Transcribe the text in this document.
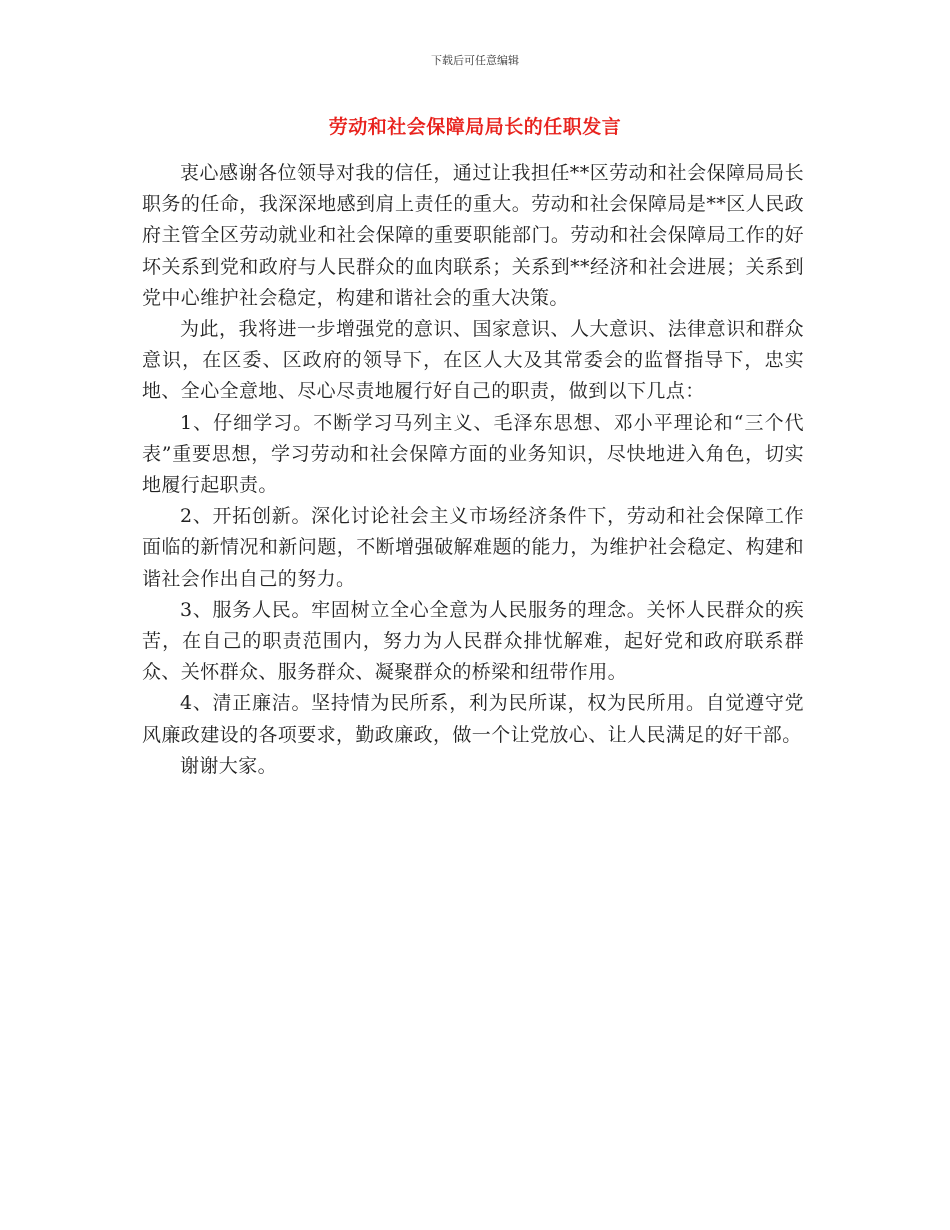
下载后可任意编辑
劳动和社会保障局局长的任职发言

衷心感谢各位领导对我的信任，通过让我担任**区劳动和社会保障局局长职务的任命，我深深地感到肩上责任的重大。劳动和社会保障局是**区人民政府主管全区劳动就业和社会保障的重要职能部门。劳动和社会保障局工作的好坏关系到党和政府与人民群众的血肉联系；关系到**经济和社会进展；关系到党中心维护社会稳定，构建和谐社会的重大决策。

为此，我将进一步增强党的意识、国家意识、人大意识、法律意识和群众意识，在区委、区政府的领导下，在区人大及其常委会的监督指导下，忠实地、全心全意地、尽心尽责地履行好自己的职责，做到以下几点：

1、仔细学习。不断学习马列主义、毛泽东思想、邓小平理论和“三个代表”重要思想，学习劳动和社会保障方面的业务知识，尽快地进入角色，切实地履行起职责。

2、开拓创新。深化讨论社会主义市场经济条件下，劳动和社会保障工作面临的新情况和新问题，不断增强破解难题的能力，为维护社会稳定、构建和谐社会作出自己的努力。

3、服务人民。牢固树立全心全意为人民服务的理念。关怀人民群众的疾苦，在自己的职责范围内，努力为人民群众排忧解难，起好党和政府联系群众、关怀群众、服务群众、凝聚群众的桥梁和纽带作用。

4、清正廉洁。坚持情为民所系，利为民所谋，权为民所用。自觉遵守党风廉政建设的各项要求，勤政廉政，做一个让党放心、让人民满足的好干部。

谢谢大家。
